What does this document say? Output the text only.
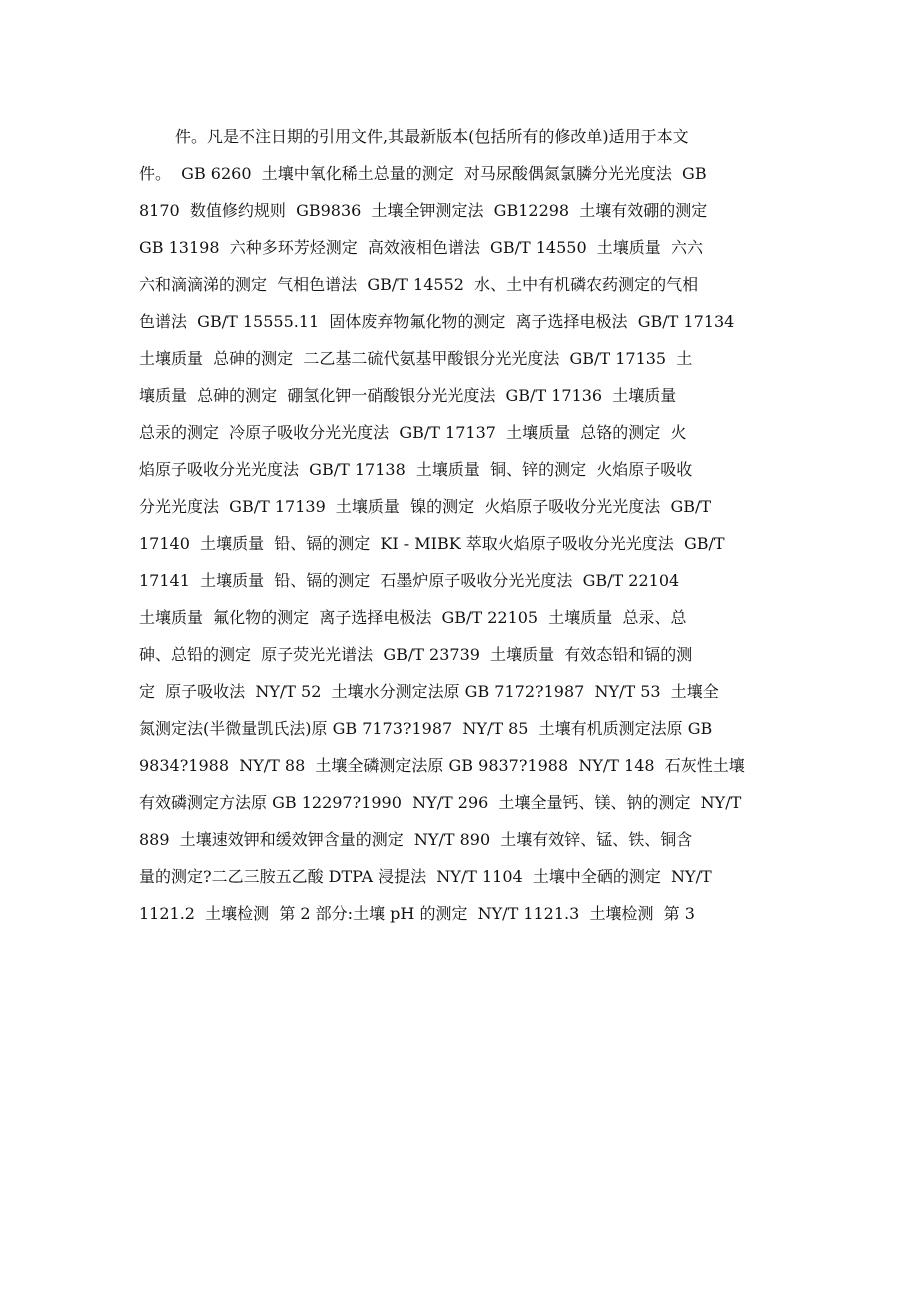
件。凡是不注日期的引用文件,其最新版本(包括所有的修改单)适用于本文
件。  GB 6260  土壤中氧化稀土总量的测定  对马尿酸偶氮氯膦分光光度法  GB
8170  数值修约规则  GB9836  土壤全钾测定法  GB12298  土壤有效硼的测定
GB 13198  六种多环芳烃测定  高效液相色谱法  GB/T 14550  土壤质量  六六
六和滴滴涕的测定  气相色谱法  GB/T 14552  水、土中有机磷农药测定的气相
色谱法  GB/T 15555.11  固体废弃物氟化物的测定  离子选择电极法  GB/T 17134
土壤质量  总砷的测定  二乙基二硫代氨基甲酸银分光光度法  GB/T 17135  土
壤质量  总砷的测定  硼氢化钾一硝酸银分光光度法  GB/T 17136  土壤质量
总汞的测定  冷原子吸收分光光度法  GB/T 17137  土壤质量  总铬的测定  火
焰原子吸收分光光度法  GB/T 17138  土壤质量  铜、锌的测定  火焰原子吸收
分光光度法  GB/T 17139  土壤质量  镍的测定  火焰原子吸收分光光度法  GB/T
17140  土壤质量  铅、镉的测定  KI - MIBK 萃取火焰原子吸收分光光度法  GB/T
17141  土壤质量  铅、镉的测定  石墨炉原子吸收分光光度法  GB/T 22104
土壤质量  氟化物的测定  离子选择电极法  GB/T 22105  土壤质量  总汞、总
砷、总铅的测定  原子荧光光谱法  GB/T 23739  土壤质量  有效态铅和镉的测
定  原子吸收法  NY/T 52  土壤水分测定法原 GB 7172?1987  NY/T 53  土壤全
氮测定法(半微量凯氏法)原 GB 7173?1987  NY/T 85  土壤有机质测定法原 GB
9834?1988  NY/T 88  土壤全磷测定法原 GB 9837?1988  NY/T 148  石灰性土壤
有效磷测定方法原 GB 12297?1990  NY/T 296  土壤全量钙、镁、钠的测定  NY/T
889  土壤速效钾和缓效钾含量的测定  NY/T 890  土壤有效锌、锰、铁、铜含
量的测定?二乙三胺五乙酸 DTPA 浸提法  NY/T 1104  土壤中全硒的测定  NY/T
1121.2  土壤检测  第 2 部分:土壤 pH 的测定  NY/T 1121.3  土壤检测  第 3
